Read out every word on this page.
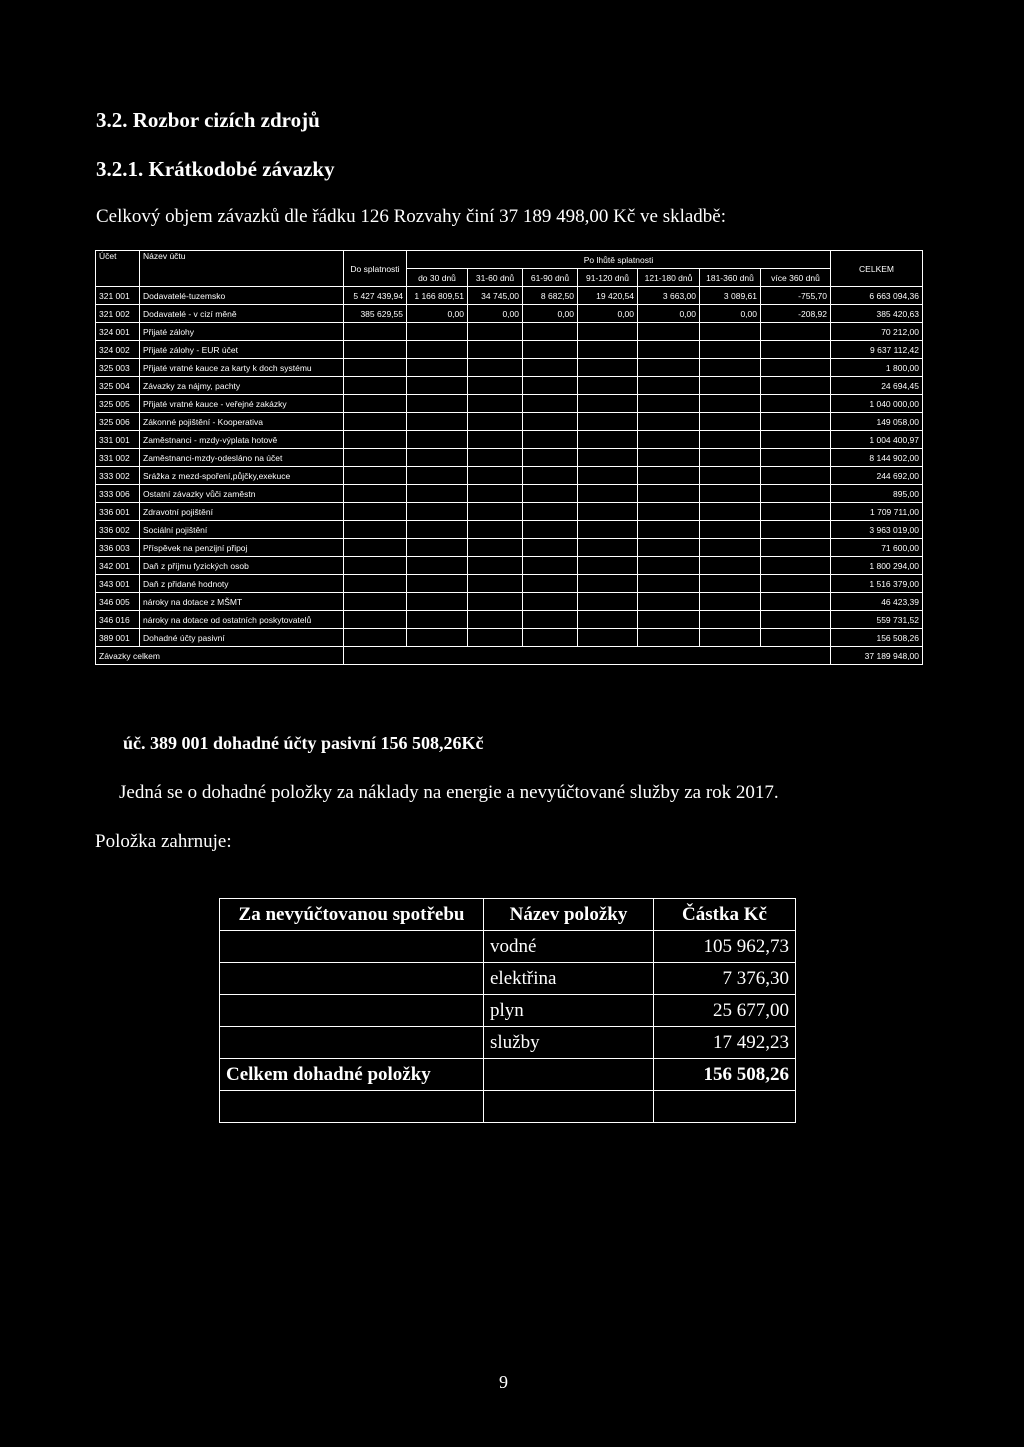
3.2. Rozbor cizích zdrojů
3.2.1. Krátkodobé závazky
Celkový objem závazků dle řádku 126 Rozvahy činí 37 189 498,00 Kč ve skladbě:
Účet	Název účtu	Do splatnosti	Po lhůtě splatnosti							CELKEM
			do 30 dnů	31-60 dnů	61-90 dnů	91-120 dnů	121-180 dnů	181-360 dnů	více 360 dnů	
321 001	Dodavatelé-tuzemsko	5 427 439,94	1 166 809,51	34 745,00	8 682,50	19 420,54	3 663,00	3 089,61	-755,70	6 663 094,36
321 002	Dodavatelé - v cizí měně	385 629,55	0,00	0,00	0,00	0,00	0,00	0,00	-208,92	385 420,63
324 001	Přijaté zálohy									70 212,00
324 002	Přijaté zálohy - EUR účet									9 637 112,42
325 003	Přijaté vratné kauce za karty k doch systému									1 800,00
325 004	Závazky za nájmy, pachty									24 694,45
325 005	Přijaté vratné kauce - veřejné zakázky									1 040 000,00
325 006	Zákonné pojištění - Kooperativa									149 058,00
331 001	Zaměstnanci - mzdy-výplata hotově									1 004 400,97
331 002	Zaměstnanci-mzdy-odesláno na účet									8 144 902,00
333 002	Srážka z mezd-spoření,půjčky,exekuce									244 692,00
333 006	Ostatní závazky vůči zaměstn									895,00
336 001	Zdravotní pojištění									1 709 711,00
336 002	Sociální pojištění									3 963 019,00
336 003	Příspěvek na penzijní připoj									71 600,00
342 001	Daň z příjmu fyzických osob									1 800 294,00
343 001	Daň z přidané hodnoty									1 516 379,00
346 005	nároky na dotace z MŠMT									46 423,39
346 016	nároky na dotace od ostatních poskytovatelů									559 731,52
389 001	Dohadné účty pasivní									156 508,26
Závazky celkem										37 189 948,00
úč. 389 001 dohadné účty pasivní 156 508,26Kč
Jedná se o dohadné položky za náklady na energie a nevyúčtované služby za rok 2017.
Položka zahrnuje:
Za nevyúčtovanou spotřebu	Název položky	Částka Kč
	vodné	105 962,73
	elektřina	7 376,30
	plyn	25 677,00
	služby	17 492,23
Celkem dohadné položky		156 508,26

9
